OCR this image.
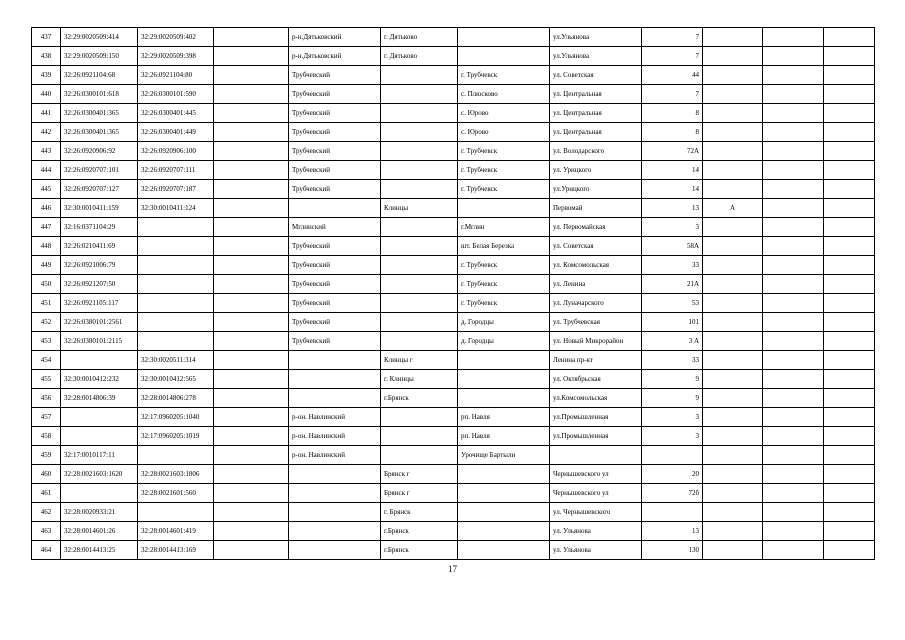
437	32:29:0020509:414	32:29:0020509:402		р-н.Дятьковский	г. Дятьково		ул.Ульянова	7			
438	32:29:0020509:150	32:29:0020509:398		р-н.Дятьковский	г. Дятьково		ул.Ульянова	7			
439	32:26:0921104:68	32:26:0921104:80		Трубчевский		г. Трубчевск	ул. Советская	44			
440	32:26:0300101:618	32:26:0300101:590		Трубчевский		с. Плюсково	ул. Центральная	7			
441	32:26:0300401:365	32:26:0300401:445		Трубчевский		с. Юрово	ул. Центральная	8			
442	32:26:0300401:365	32:26:0300401:449		Трубчевский		с. Юрово	ул. Центральная	8			
443	32:26:0920906:92	32:26:0920906:100		Трубчевский		г. Трубчевск	ул. Володарского	72А			
444	32:26:0920707:101	32:26:0920707:111		Трубчевский		г. Трубчевск	ул. Урицкого	14			
445	32:26:0920707:127	32:26:0920707:187		Трубчевский		г. Трубчевск	ул.Урицкого	14			
446	32:30:0010411:159	32:30:0010411:124			Клинцы		Первомай	13	А		
447	32:16:0371104:29			Мглинский		г.Мглин	ул. Первомайская	3			
448	32:26:0210411:69			Трубчевский		шт. Белая Березка	ул. Советская	58А			
449	32:26:0921006:79			Трубчевский		г. Трубчевск	ул. Комсомольская	33			
450	32:26:0921207:50			Трубчевский		г. Трубчевск	ул. Ленина	21А			
451	32:26:0921105:117			Трубчевский		г. Трубчевск	ул. Луначарского	53			
452	32:26:0380101:2561			Трубчевский		д. Городцы	ул. Трубчевская	101			
453	32:26:0380101:2115			Трубчевский		д. Городцы	ул. Новый Микрорайон	3 А			
454		32:30:0020511:314			Клинцы г		Ленина пр-кт	33			
455	32:30:0010412:232	32:30:0010412:565			г. Клинцы		ул. Октябрьская	9			
456	32:28:0014806:39	32:28:0014806:278			г.Брянск		ул.Комсомольская	9			
457		32:17:0960205:1040		р-он. Навлинский		рп. Навля	ул.Промышленная	3			
458		32:17:0960205:1019		р-он. Навлинский		рп. Навля	ул.Промышленная	3			
459	32:17:0010117:11			р-он. Навлинский		Урочище Бартыли					
460	32:28:0021603:1620	32:28:0021603:1806			Брянск г		Чернышевского ул	20			
461		32:28:0021601:560			Брянск г		Чернышевского ул	72б			
462	32:28:0020933:21				г. Брянск		ул. Чернышевского				
463	32:28:0014601:26	32:28:0014601:419			г.Брянск		ул. Ульянова	13			
464	32:28:0014413:25	32:28:0014413:169			г.Брянск		ул. Ульянова	130			
17
